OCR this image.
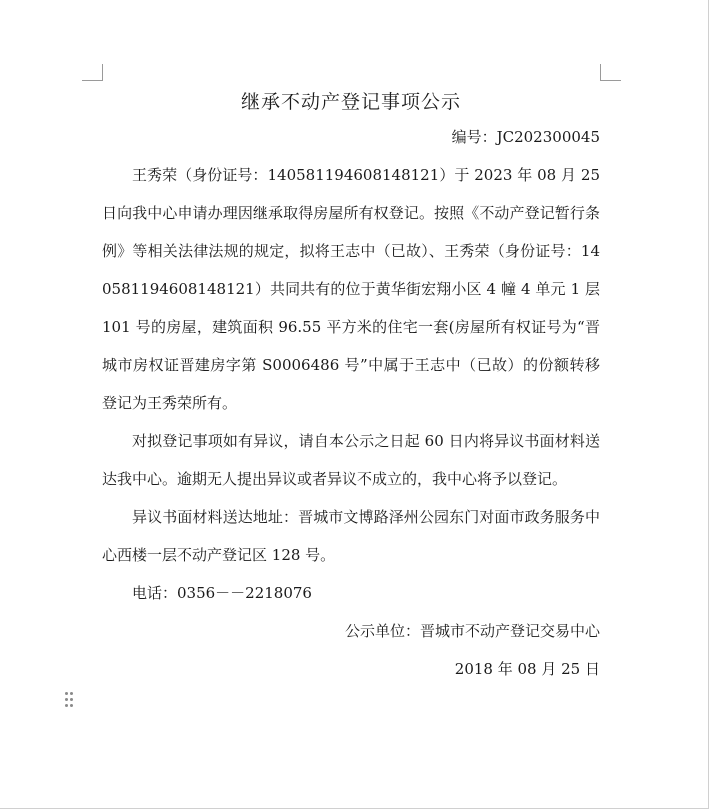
继承不动产登记事项公示
编号：JC202300045

王秀荣（身份证号：140581194608148121）于 2023 年 08 月 25 日向我中心申请办理因继承取得房屋所有权登记。按照《不动产登记暂行条例》等相关法律法规的规定，拟将王志中（已故）、王秀荣（身份证号：140581194608148121）共同共有的位于黄华街宏翔小区 4 幢 4 单元 1 层 101 号的房屋，建筑面积 96.55 平方米的住宅一套(房屋所有权证号为“晋城市房权证晋建房字第 S0006486 号”中属于王志中（已故）的份额转移登记为王秀荣所有。

对拟登记事项如有异议，请自本公示之日起 60 日内将异议书面材料送达我中心。逾期无人提出异议或者异议不成立的，我中心将予以登记。

异议书面材料送达地址：晋城市文博路泽州公园东门对面市政务服务中心西楼一层不动产登记区 128 号。

电话：0356－－2218076
公示单位：晋城市不动产登记交易中心
2018 年 08 月 25 日
